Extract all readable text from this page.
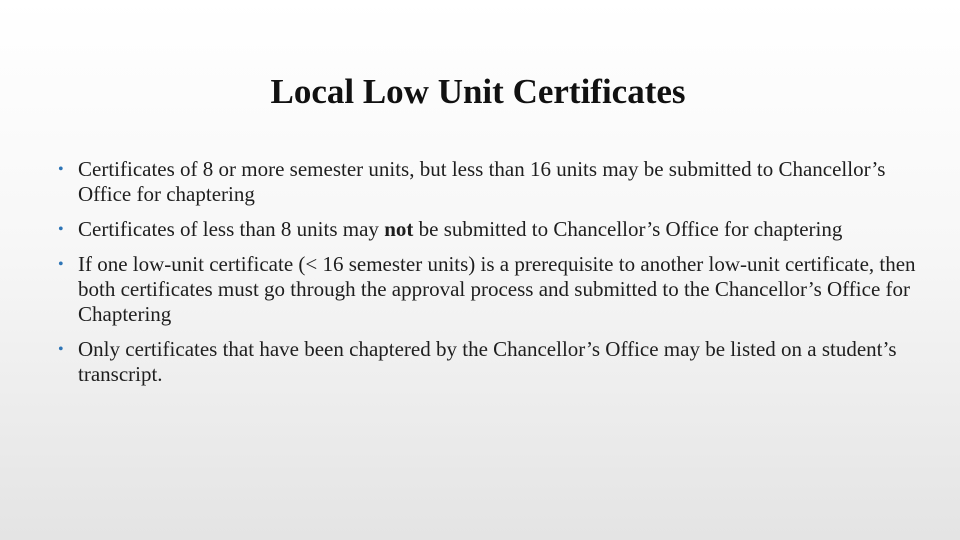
Local Low Unit Certificates
• Certificates of 8 or more semester units, but less than 16 units may be submitted to Chancellor’s Office for chaptering
• Certificates of less than 8 units may not be submitted to Chancellor’s Office for chaptering
• If one low-unit certificate (< 16 semester units) is a prerequisite to another low-unit certificate, then both certificates must go through the approval process and submitted to the Chancellor’s Office for Chaptering
• Only certificates that have been chaptered by the Chancellor’s Office may be listed on a student’s transcript.
